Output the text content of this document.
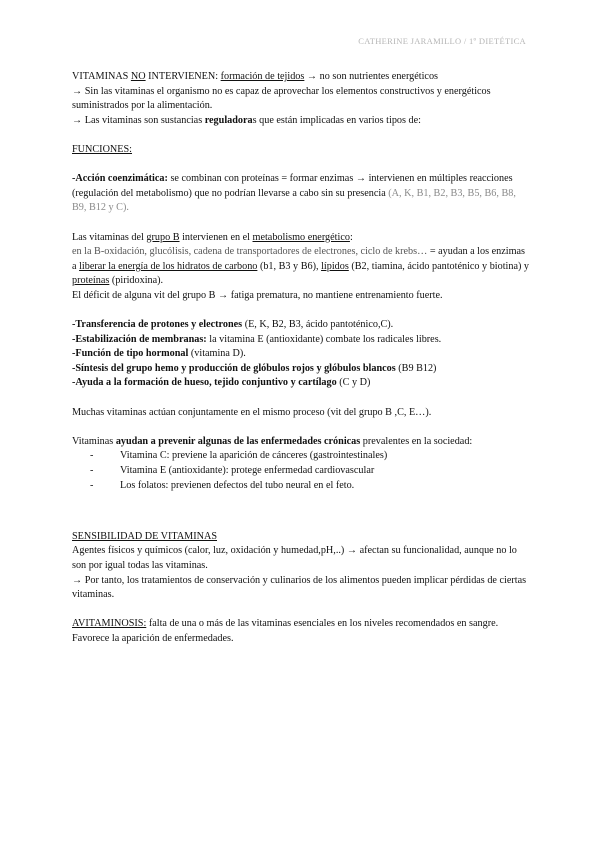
CATHERINE JARAMILLO / 1º DIETÉTICA

VITAMINAS NO INTERVIENEN: formación de tejidos → no son nutrientes energéticos

→ Sin las vitaminas el organismo no es capaz de aprovechar los elementos constructivos y energéticos suministrados por la alimentación.

→ Las vitaminas son sustancias reguladoras que están implicadas en varios tipos de:

FUNCIONES:

-Acción coenzimática: se combinan con proteínas = formar enzimas → intervienen en múltiples reacciones (regulación del metabolismo) que no podrían llevarse a cabo sin su presencia (A, K, B1, B2, B3, B5, B6, B8, B9, B12 y C).

Las vitaminas del grupo B intervienen en el metabolismo energético:
en la B-oxidación, glucólisis, cadena de transportadores de electrones, ciclo de krebs… = ayudan a los enzimas a liberar la energía de los hidratos de carbono (b1, B3 y B6), lípidos (B2, tiamina, ácido pantoténico y biotina) y proteínas (piridoxina).

El déficit de alguna vit del grupo B → fatiga prematura, no mantiene entrenamiento fuerte.

-Transferencia de protones y electrones (E, K, B2, B3, ácido pantoténico,C).

-Estabilización de membranas: la vitamina E (antioxidante) combate los radicales libres.

-Función de tipo hormonal (vitamina D).

-Síntesis del grupo hemo y producción de glóbulos rojos y glóbulos blancos (B9 B12)

-Ayuda a la formación de hueso, tejido conjuntivo y cartílago (C y D)

Muchas vitaminas actúan conjuntamente en el mismo proceso (vit del grupo B ,C, E…).

Vitaminas ayudan a prevenir algunas de las enfermedades crónicas prevalentes en la sociedad:

- Vitamina C: previene la aparición de cánceres (gastrointestinales)
- Vitamina E (antioxidante): protege enfermedad cardiovascular
- Los folatos: previenen defectos del tubo neural en el feto.

SENSIBILIDAD DE VITAMINAS

Agentes físicos y químicos (calor, luz, oxidación y humedad,pH,..) → afectan su funcionalidad, aunque no lo son por igual todas las vitaminas.

→ Por tanto, los tratamientos de conservación y culinarios de los alimentos pueden implicar pérdidas de ciertas vitaminas.

AVITAMINOSIS: falta de una o más de las vitaminas esenciales en los niveles recomendados en sangre. Favorece la aparición de enfermedades.
